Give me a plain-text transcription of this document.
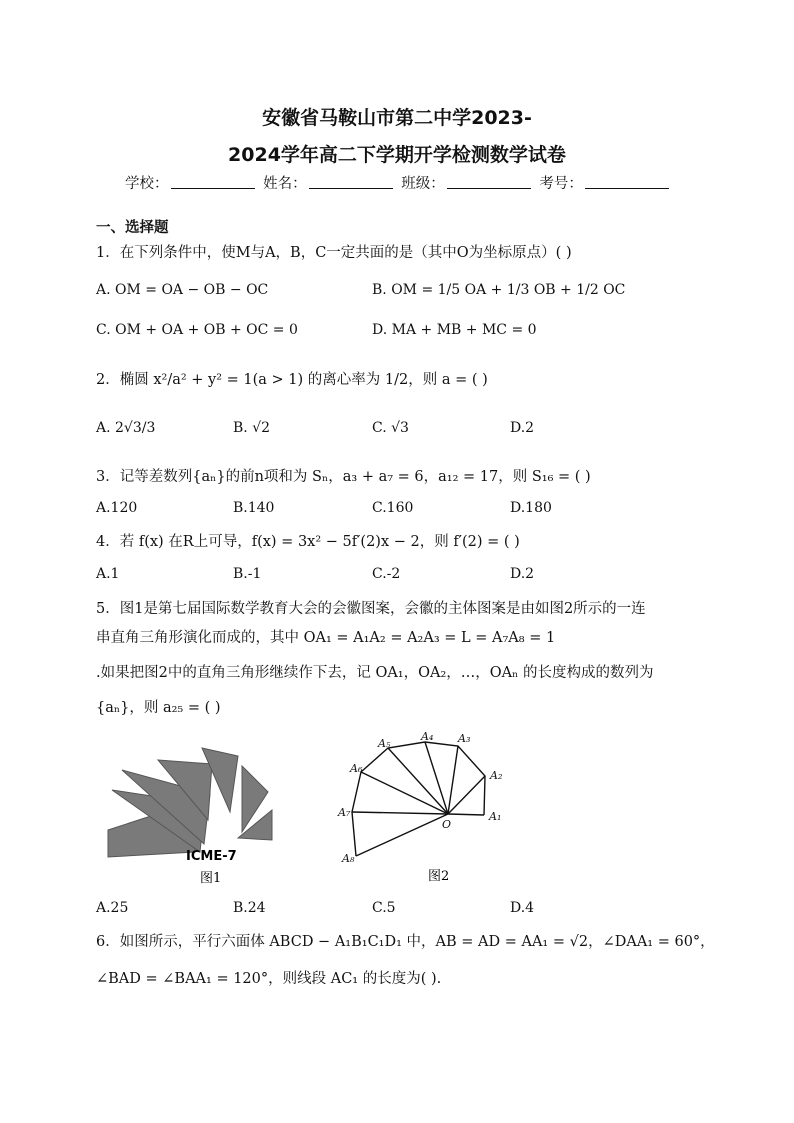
安徽省马鞍山市第二中学2023-
2024学年高二下学期开学检测数学试卷
学校：	姓名：	班级：	考号：
一、选择题
1．在下列条件中，使M与A，B，C一定共面的是（其中O为坐标原点）( )
A. OM = OA − OB − OC	B. OM = 1/5 OA + 1/3 OB + 1/2 OC
C. OM + OA + OB + OC = 0	D. MA + MB + MC = 0
2．椭圆 x²/a² + y² = 1(a > 1) 的离心率为 1/2，则 a = ( )
A. 2√3/3	B. √2	C. √3	D.2
3．记等差数列{aₙ}的前n项和为 Sₙ，a₃ + a₇ = 6，a₁₂ = 17，则 S₁₆ = ( )
A.120	B.140	C.160	D.180
4．若 f(x) 在R上可导，f(x) = 3x² − 5f′(2)x − 2，则 f′(2) = ( )
A.1	B.-1	C.-2	D.2
5．图1是第七届国际数学教育大会的会徽图案，会徽的主体图案是由如图2所示的一连
串直角三角形演化而成的，其中 OA₁ = A₁A₂ = A₂A₃ = L = A₇A₈ = 1
.如果把图2中的直角三角形继续作下去，记 OA₁，OA₂，…，OAₙ 的长度构成的数列为
{aₙ}，则 a₂₅ = ( )
ICME-7
图1
A₁
A₂
A₃
A₄
A₅
A₆
A₇
A₈
O
图2
A.25	B.24	C.5	D.4
6．如图所示，平行六面体 ABCD − A₁B₁C₁D₁ 中，AB = AD = AA₁ = √2，∠DAA₁ = 60°，
∠BAD = ∠BAA₁ = 120°，则线段 AC₁ 的长度为( ).
